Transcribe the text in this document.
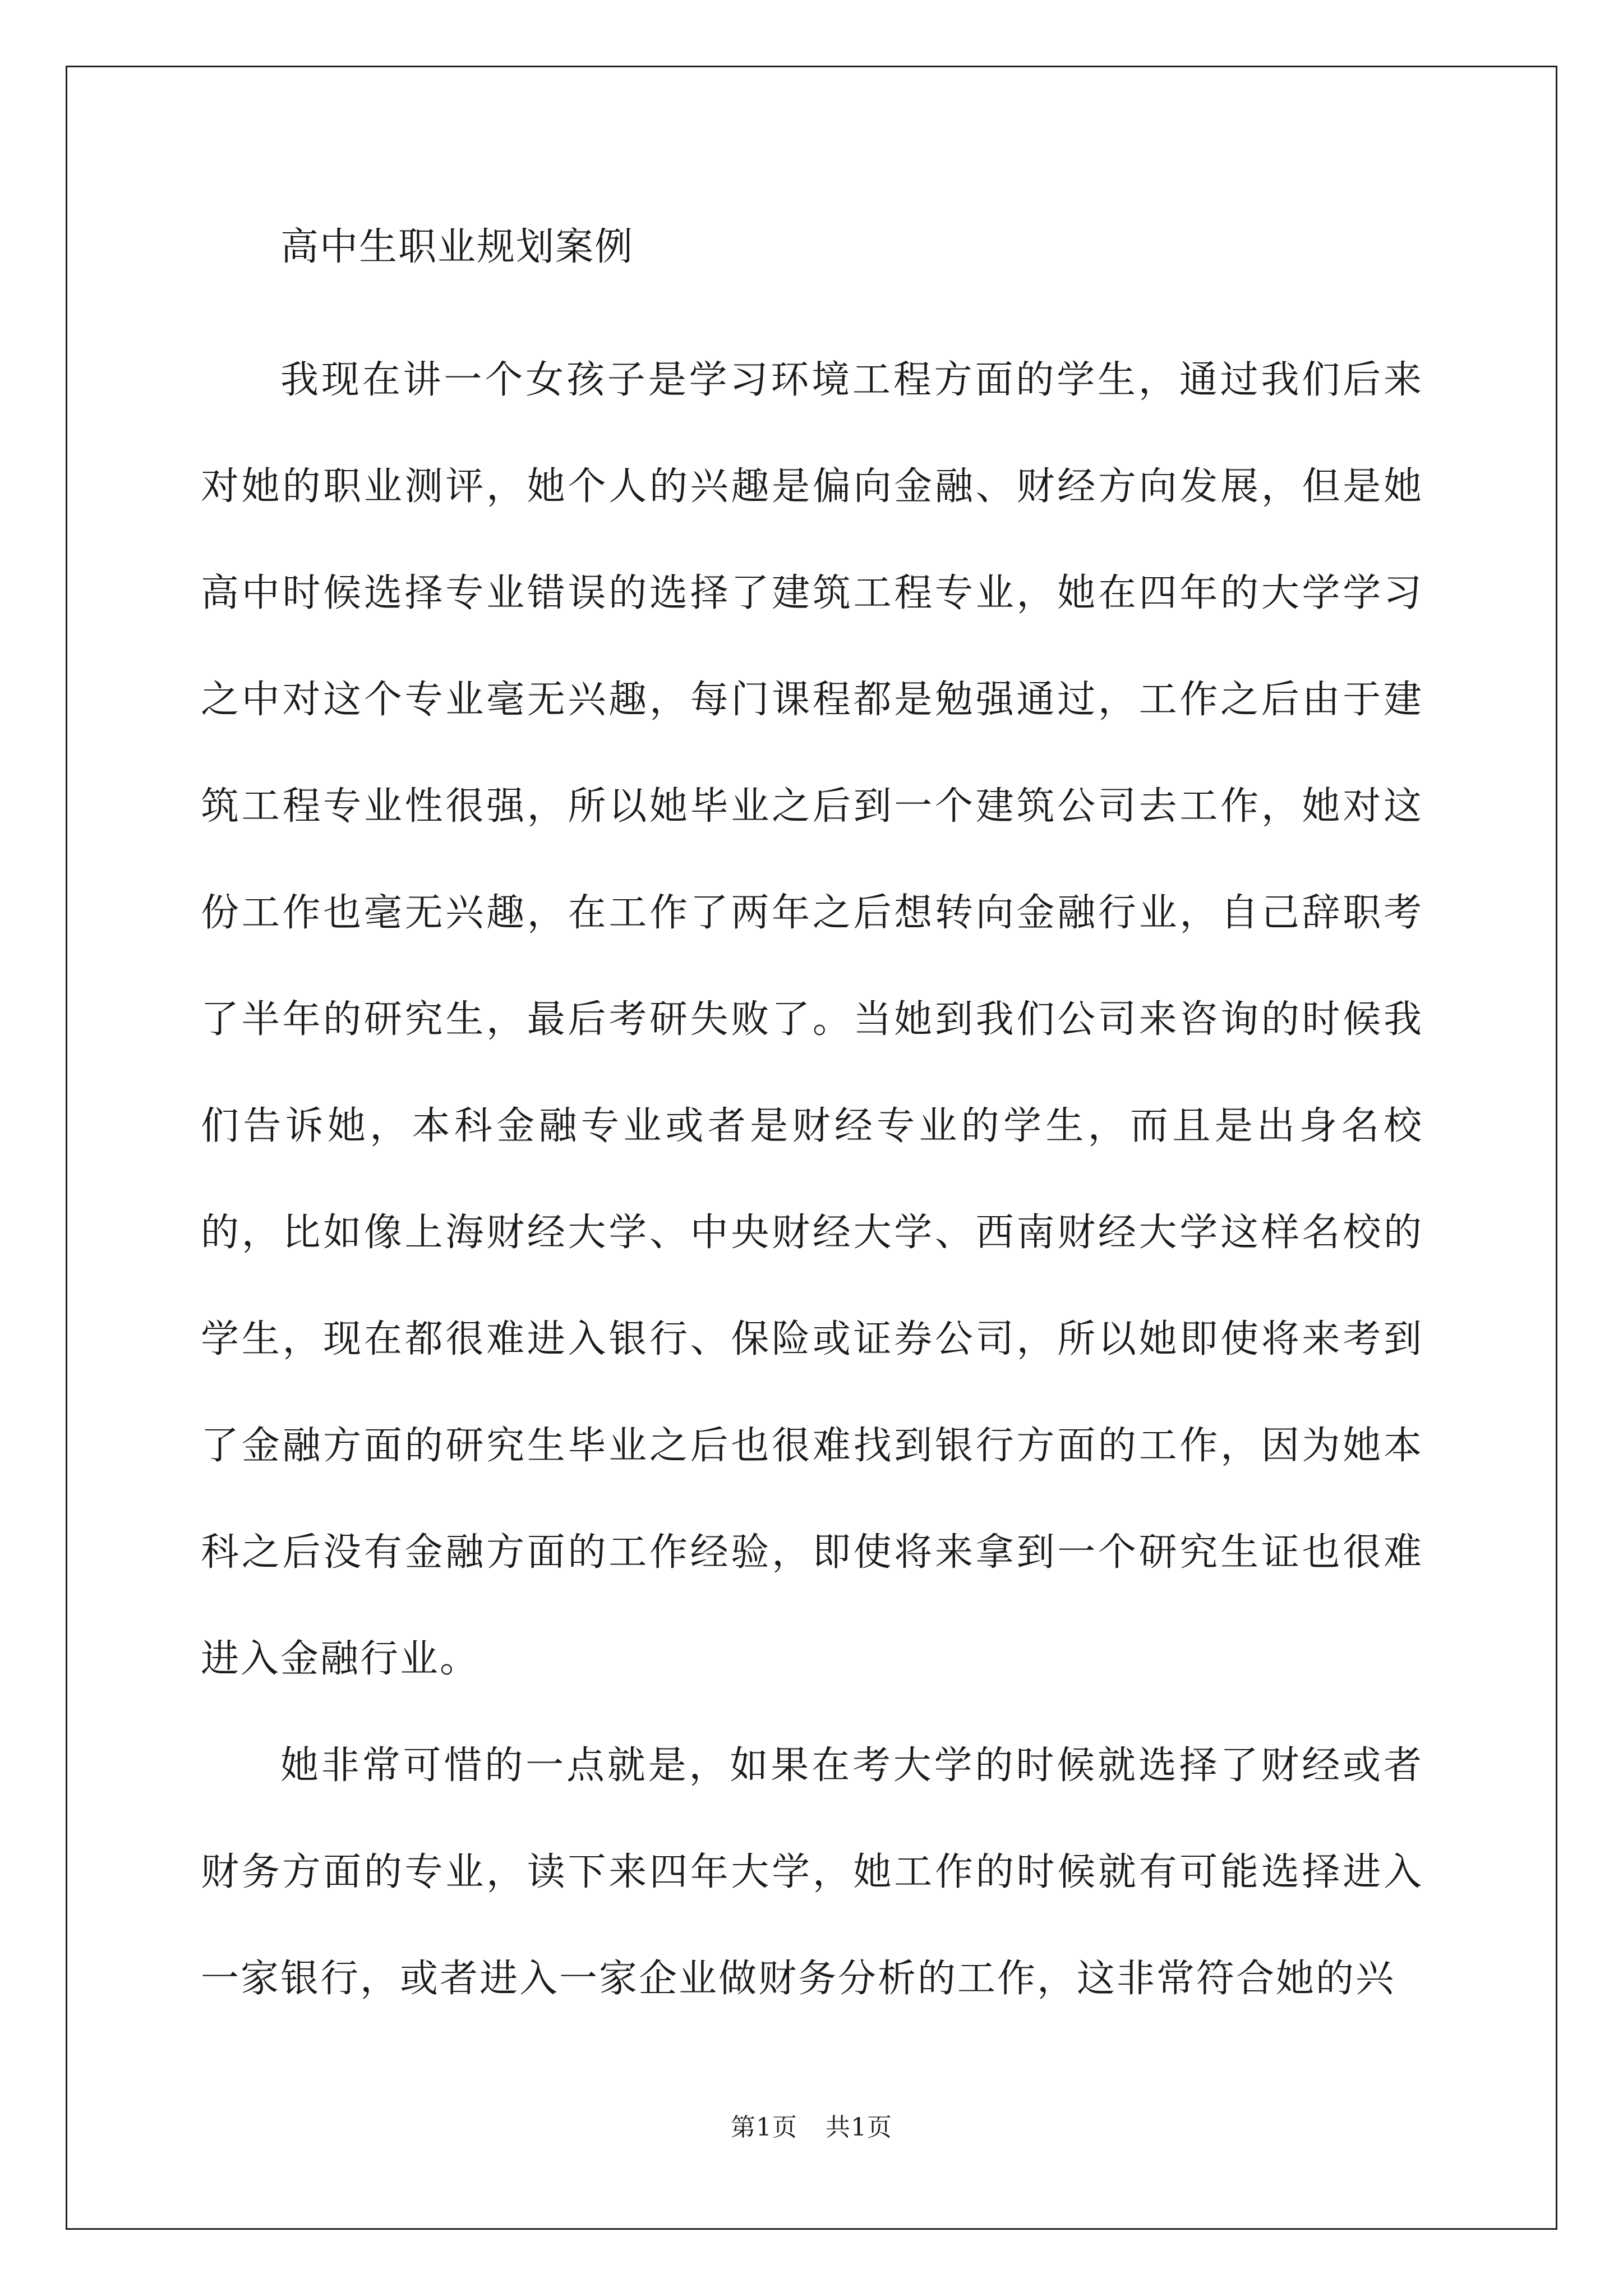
高中生职业规划案例

我现在讲一个女孩子是学习环境工程方面的学生，通过我们后来对她的职业测评，她个人的兴趣是偏向金融、财经方向发展，但是她高中时候选择专业错误的选择了建筑工程专业，她在四年的大学学习之中对这个专业毫无兴趣，每门课程都是勉强通过，工作之后由于建筑工程专业性很强，所以她毕业之后到一个建筑公司去工作，她对这份工作也毫无兴趣，在工作了两年之后想转向金融行业，自己辞职考了半年的研究生，最后考研失败了。当她到我们公司来咨询的时候我们告诉她，本科金融专业或者是财经专业的学生，而且是出身名校的，比如像上海财经大学、中央财经大学、西南财经大学这样名校的学生，现在都很难进入银行、保险或证券公司，所以她即使将来考到了金融方面的研究生毕业之后也很难找到银行方面的工作，因为她本科之后没有金融方面的工作经验，即使将来拿到一个研究生证也很难进入金融行业。

她非常可惜的一点就是，如果在考大学的时候就选择了财经或者财务方面的专业，读下来四年大学，她工作的时候就有可能选择进入一家银行，或者进入一家企业做财务分析的工作，这非常符合她的兴

第1页 共1页
